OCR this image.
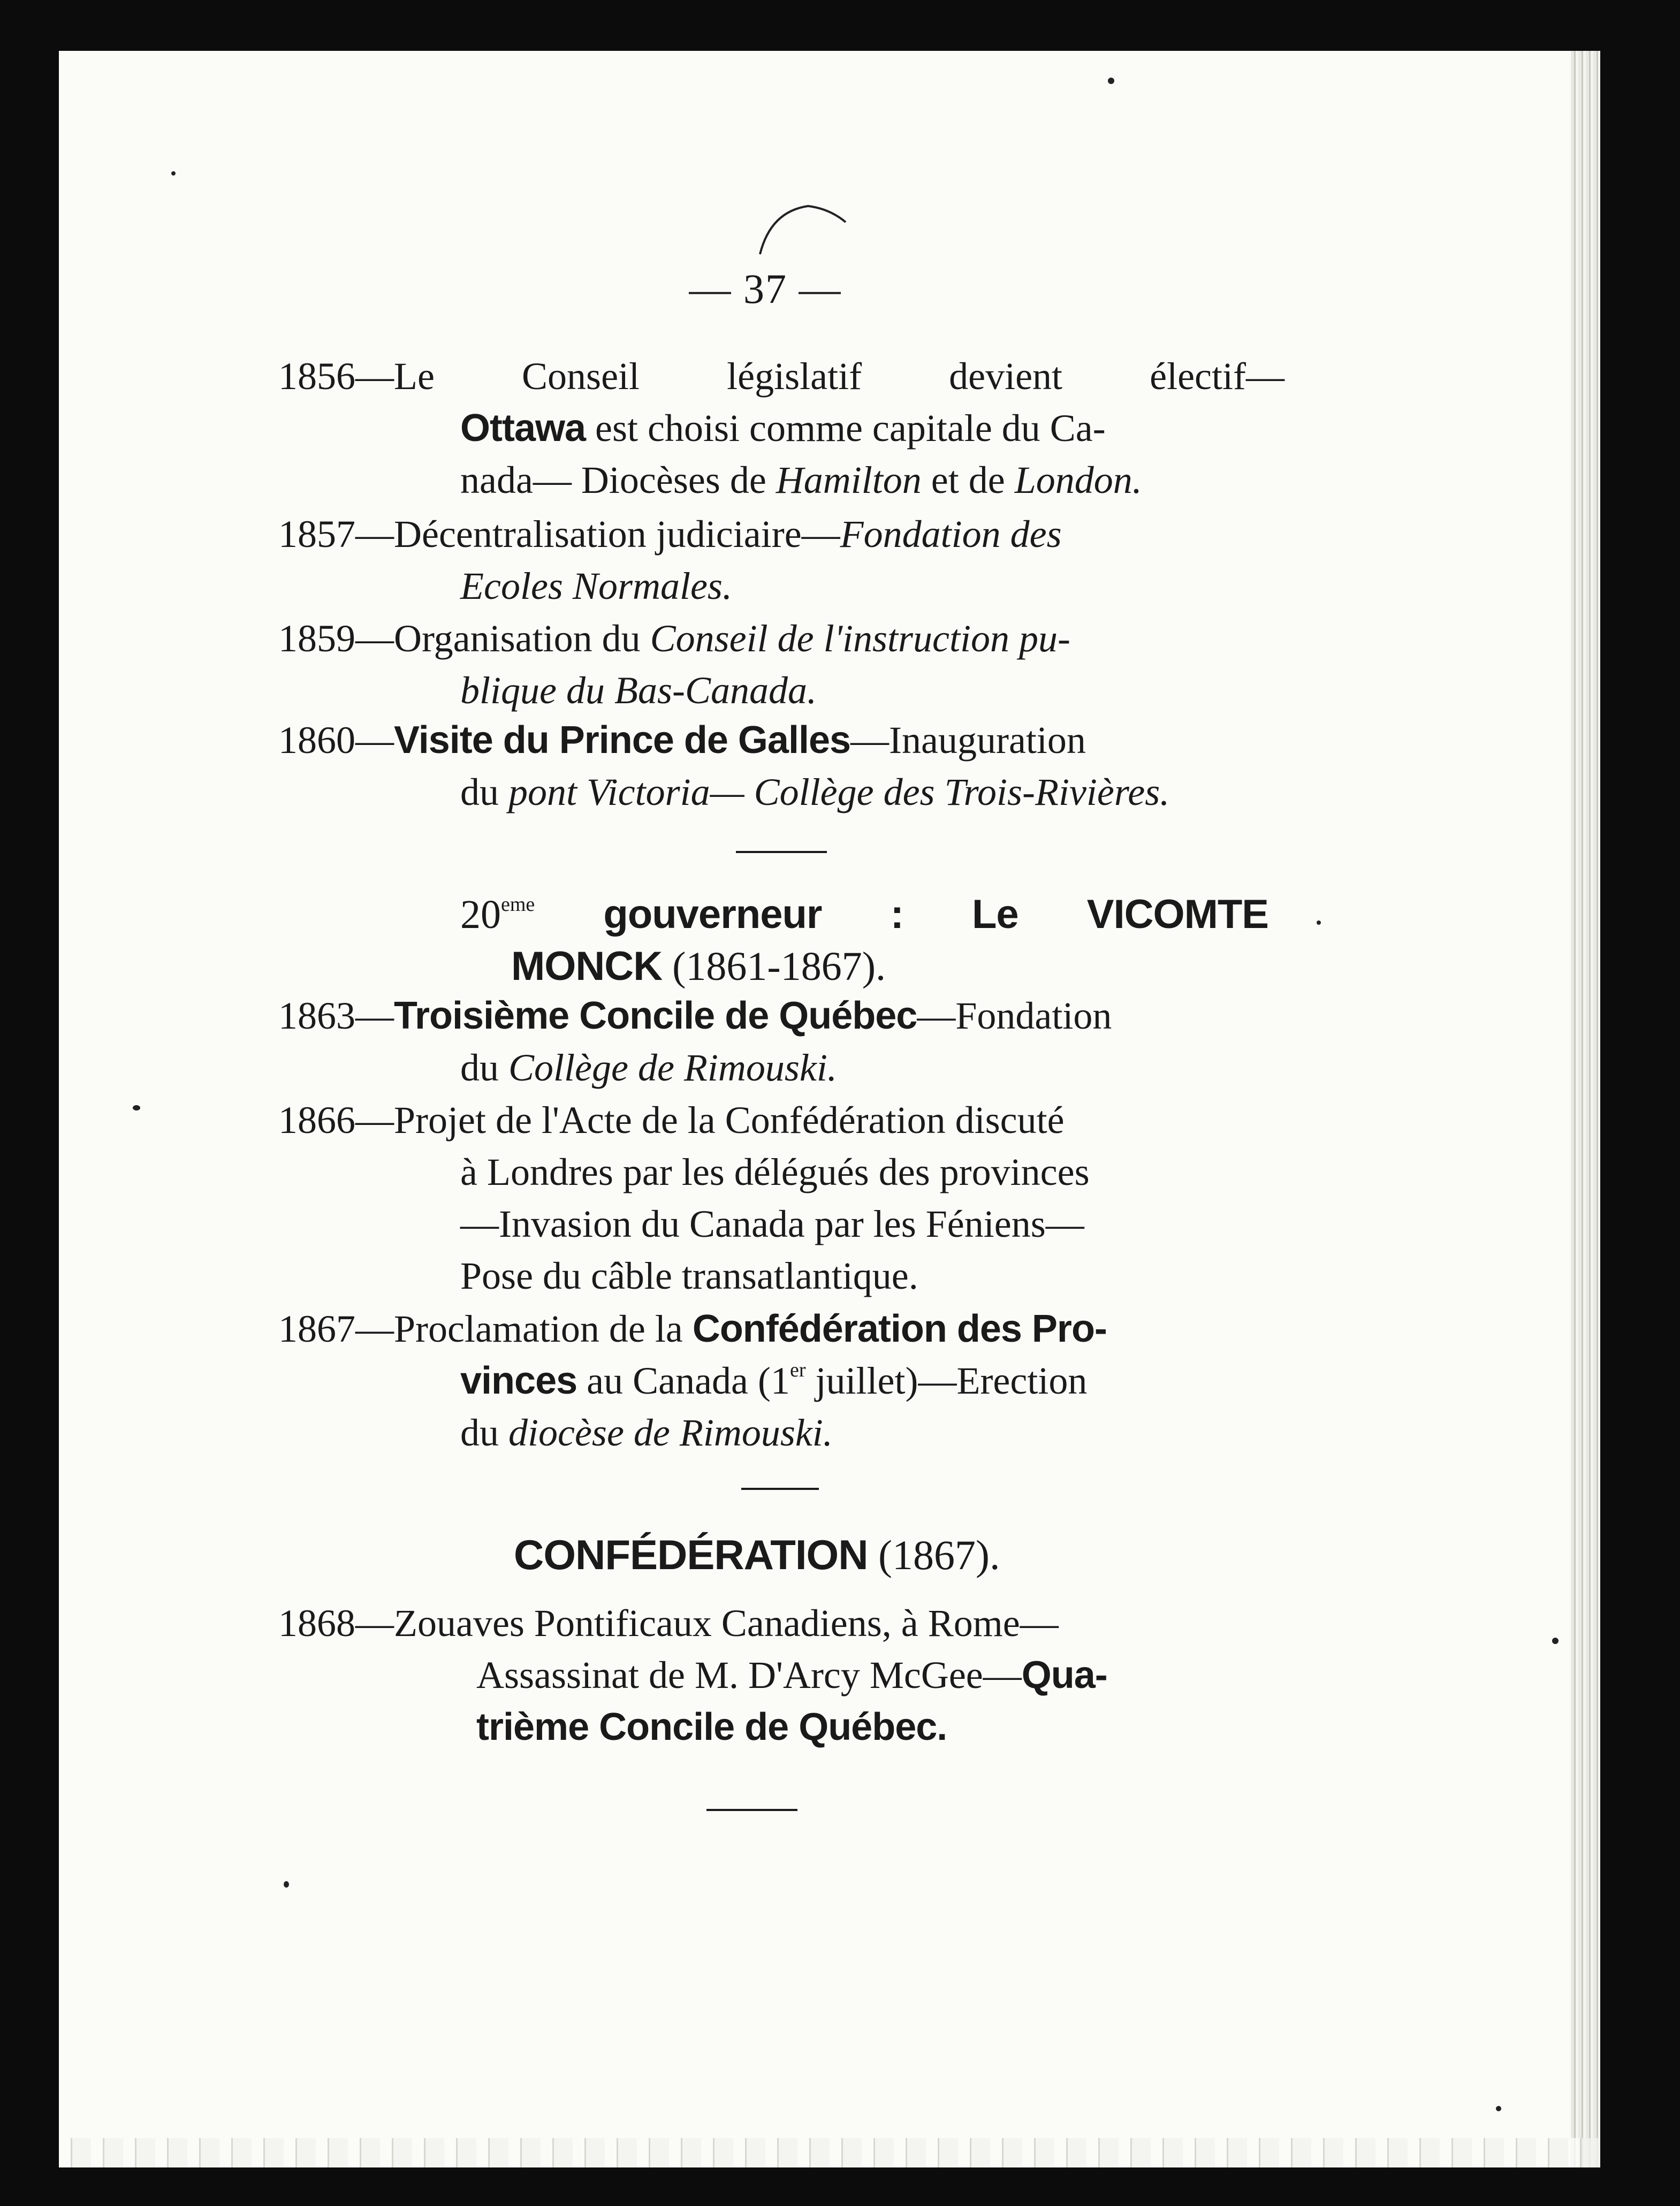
— 37 —
1856—Le Conseil législatif devient électif—
Ottawa est choisi comme capitale du Ca-
nada— Diocèses de Hamilton et de London.
1857—Décentralisation judiciaire—Fondation des
Ecoles Normales.
1859—Organisation du Conseil de l'instruction pu-
blique du Bas-Canada.
1860—Visite du Prince de Galles—Inauguration
du pont Victoria— Collège des Trois-Rivières.
20eme gouverneur : Le VICOMTE
MONCK (1861-1867).
1863—Troisième Concile de Québec—Fondation
du Collège de Rimouski.
1866—Projet de l'Acte de la Confédération discuté
à Londres par les délégués des provinces
—Invasion du Canada par les Féniens—
Pose du câble transatlantique.
1867—Proclamation de la Confédération des Pro-
vinces au Canada (1er juillet)—Erection
du diocèse de Rimouski.
CONFÉDÉRATION (1867).
1868—Zouaves Pontificaux Canadiens, à Rome—
Assassinat de M. D'Arcy McGee—Qua-
trième Concile de Québec.
